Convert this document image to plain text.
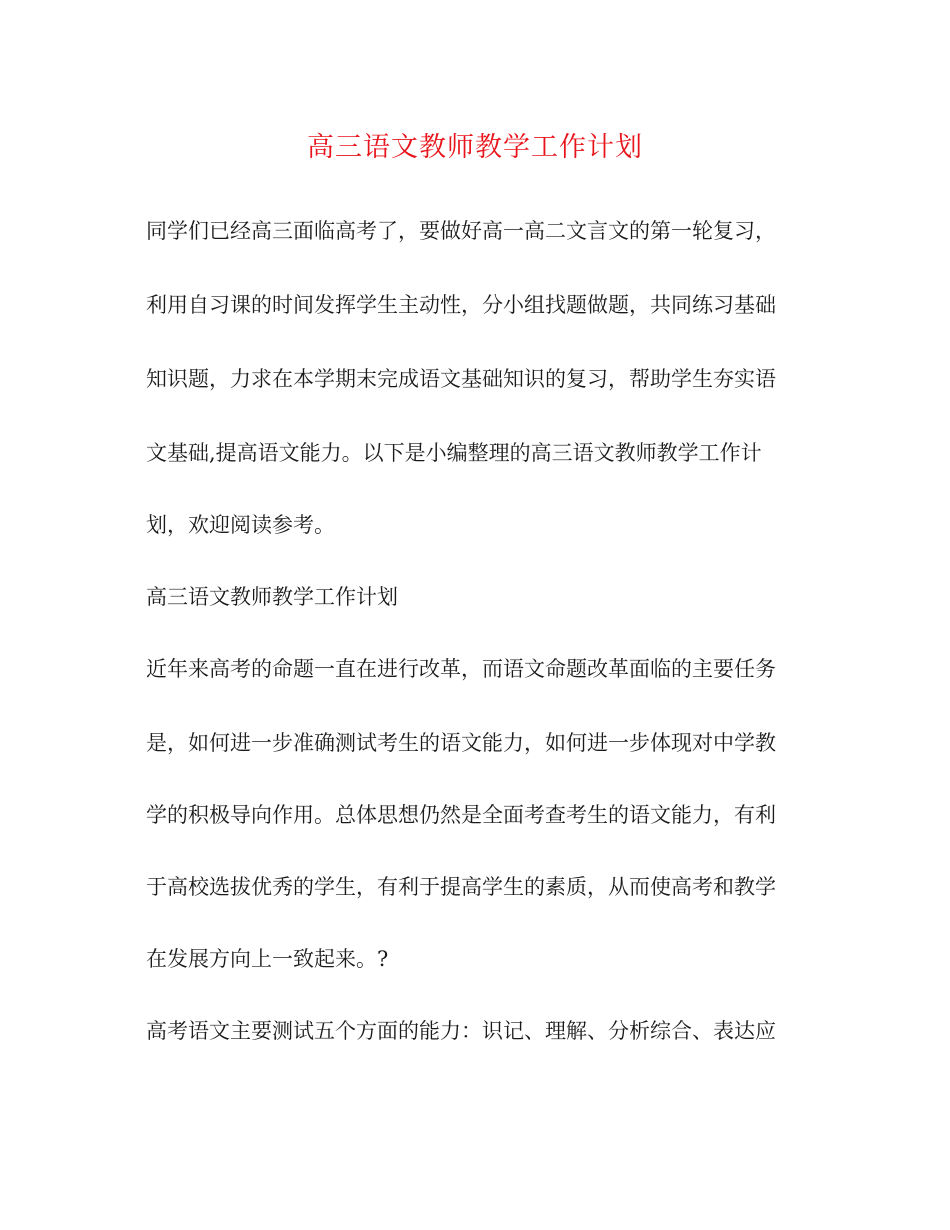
高三语文教师教学工作计划
同学们已经高三面临高考了，要做好高一高二文言文的第一轮复习，
利用自习课的时间发挥学生主动性，分小组找题做题，共同练习基础
知识题，力求在本学期末完成语文基础知识的复习，帮助学生夯实语
文基础,提高语文能力。以下是小编整理的高三语文教师教学工作计
划，欢迎阅读参考。
高三语文教师教学工作计划
近年来高考的命题一直在进行改革，而语文命题改革面临的主要任务
是，如何进一步准确测试考生的语文能力，如何进一步体现对中学教
学的积极导向作用。总体思想仍然是全面考查考生的语文能力，有利
于高校选拔优秀的学生，有利于提高学生的素质，从而使高考和教学
在发展方向上一致起来。?
高考语文主要测试五个方面的能力：识记、理解、分析综合、表达应
